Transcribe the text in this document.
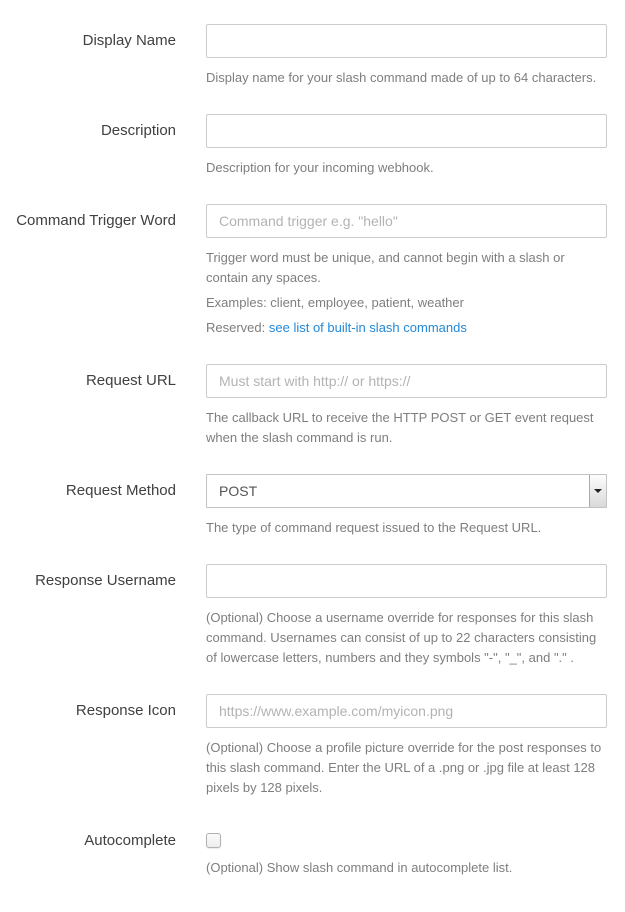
Display Name
Display name for your slash command made of up to 64 characters.
Description
Description for your incoming webhook.
Command Trigger Word
Command trigger e.g. "hello"

Trigger word must be unique, and cannot begin with a slash or contain any spaces.

Examples: client, employee, patient, weather

Reserved: see list of built-in slash commands

Request URL
Must start with http:// or https://
The callback URL to receive the HTTP POST or GET event request when the slash command is run.
Request Method
POST
The type of command request issued to the Request URL.
Response Username
(Optional) Choose a username override for responses for this slash command. Usernames can consist of up to 22 characters consisting of lowercase letters, numbers and they symbols "-", "_", and "." .
Response Icon
https://www.example.com/myicon.png
(Optional) Choose a profile picture override for the post responses to this slash command. Enter the URL of a .png or .jpg file at least 128 pixels by 128 pixels.
Autocomplete
(Optional) Show slash command in autocomplete list.
